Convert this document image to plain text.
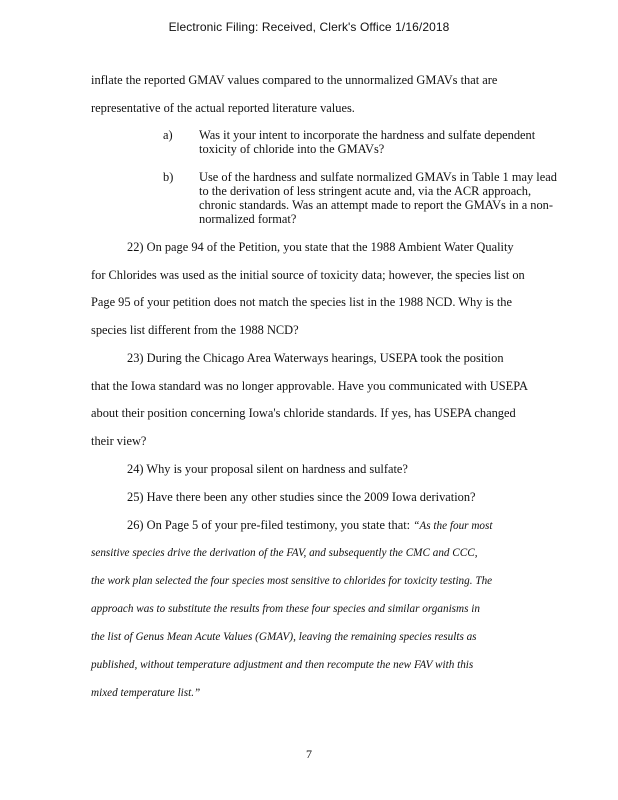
Electronic Filing: Received, Clerk's Office 1/16/2018
inflate the reported GMAV values compared to the unnormalized GMAVs that are
representative of the actual reported literature values.
a) Was it your intent to incorporate the hardness and sulfate dependent toxicity of chloride into the GMAVs?
b) Use of the hardness and sulfate normalized GMAVs in Table 1 may lead to the derivation of less stringent acute and, via the ACR approach, chronic standards. Was an attempt made to report the GMAVs in a non-normalized format?
22) On page 94 of the Petition, you state that the 1988 Ambient Water Quality
for Chlorides was used as the initial source of toxicity data; however, the species list on
Page 95 of your petition does not match the species list in the 1988 NCD. Why is the
species list different from the 1988 NCD?
23) During the Chicago Area Waterways hearings, USEPA took the position
that the Iowa standard was no longer approvable. Have you communicated with USEPA
about their position concerning Iowa's chloride standards. If yes, has USEPA changed
their view?
24) Why is your proposal silent on hardness and sulfate?
25) Have there been any other studies since the 2009 Iowa derivation?
26) On Page 5 of your pre-filed testimony, you state that: “As the four most
sensitive species drive the derivation of the FAV, and subsequently the CMC and CCC,
the work plan selected the four species most sensitive to chlorides for toxicity testing. The
approach was to substitute the results from these four species and similar organisms in
the list of Genus Mean Acute Values (GMAV), leaving the remaining species results as
published, without temperature adjustment and then recompute the new FAV with this
mixed temperature list.”
7
